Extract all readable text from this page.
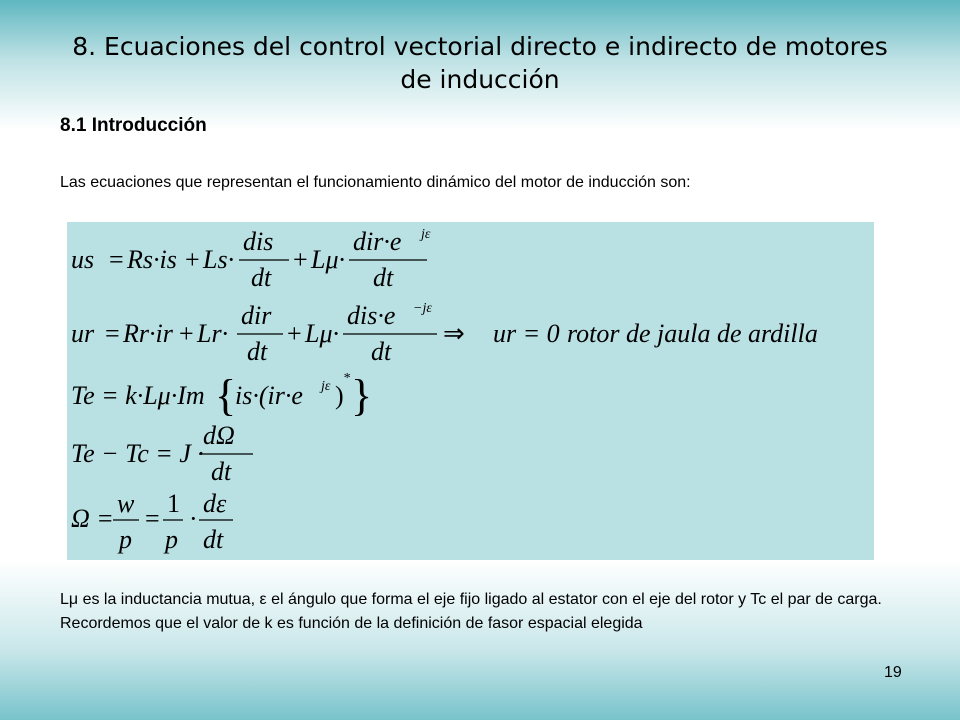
8. Ecuaciones del control vectorial directo e indirecto de motores de inducción
8.1 Introducción
Las ecuaciones que representan el funcionamiento dinámico del motor de inducción son:
us = Rs·is + Ls·
dis
dt
+ Lμ·
dir·e jε
dt
ur = Rr·ir + Lr·
dir
dt
+ Lμ·
dis·e −jε
dt
⇒ ur = 0 rotor de jaula de ardilla
Te = k·Lμ·Im {
is·(ir·e jε )
* }
Te − Tc = J ·
dΩ
dt
Ω =
w
p
=
1
p
·
dε
dt

Lμ es la inductancia mutua, ε el ángulo que forma el eje fijo ligado al estator con el eje del rotor y Tc el par de carga.

Recordemos que el valor de k es función de la definición de fasor espacial elegida

19
